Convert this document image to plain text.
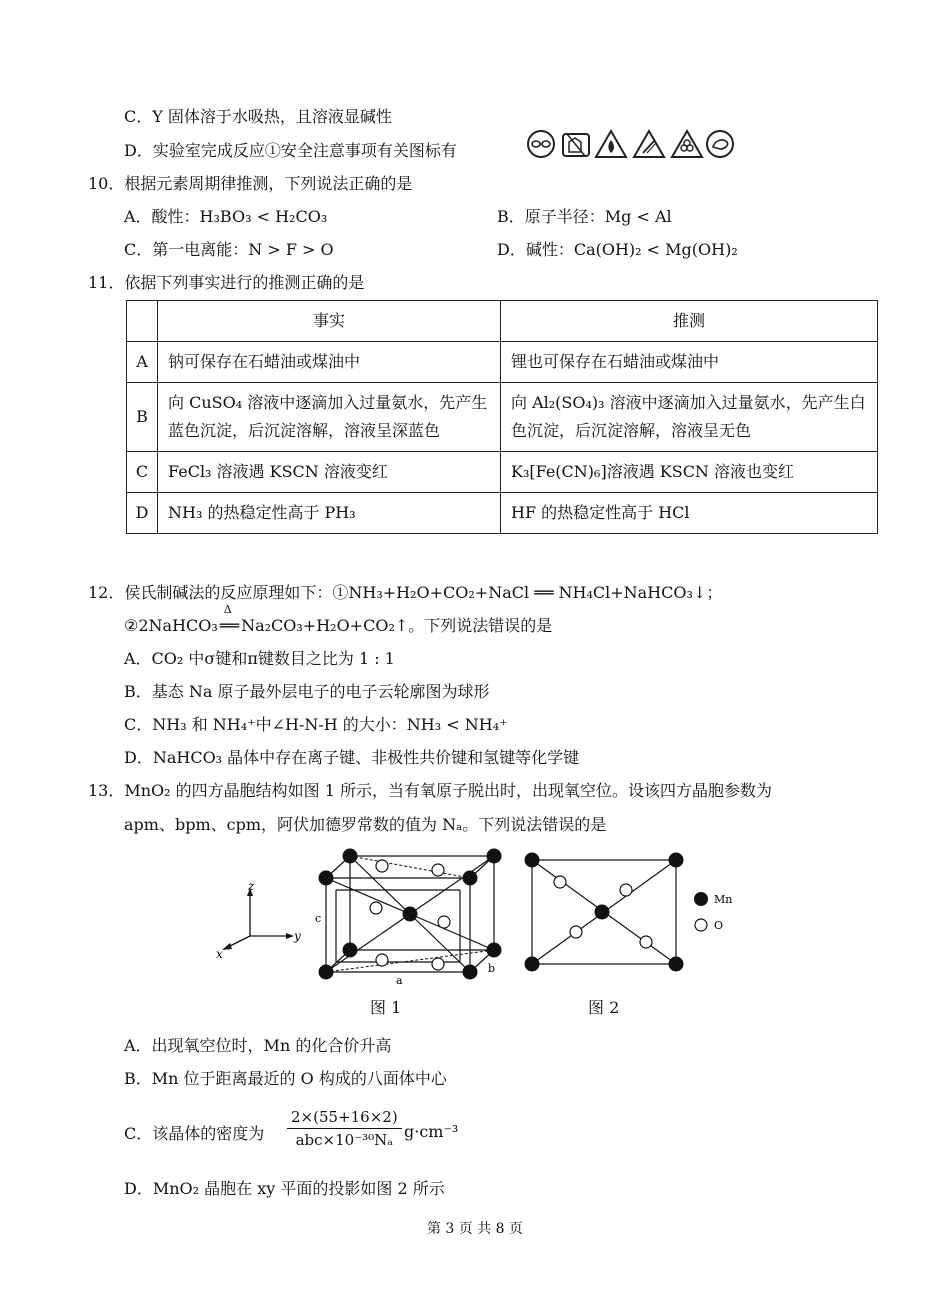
C．Y 固体溶于水吸热，且溶液显碱性
D．实验室完成反应①安全注意事项有关图标有
10．根据元素周期律推测，下列说法正确的是
A．酸性：H₃BO₃ < H₂CO₃	B．原子半径：Mg < Al
C．第一电离能：N > F > O	D．碱性：Ca(OH)₂ < Mg(OH)₂
11．依据下列事实进行的推测正确的是
	事实	推测
A	钠可保存在石蜡油或煤油中	锂也可保存在石蜡油或煤油中
B	向 CuSO₄ 溶液中逐滴加入过量氨水，先产生蓝色沉淀，后沉淀溶解，溶液呈深蓝色	向 Al₂(SO₄)₃ 溶液中逐滴加入过量氨水，先产生白色沉淀，后沉淀溶解，溶液呈无色
C	FeCl₃ 溶液遇 KSCN 溶液变红	K₃[Fe(CN)₆]溶液遇 KSCN 溶液也变红
D	NH₃ 的热稳定性高于 PH₃	HF 的热稳定性高于 HCl
12．侯氏制碱法的反应原理如下：①NH₃+H₂O+CO₂+NaCl ══ NH₄Cl+NaHCO₃↓；
②2NaHCO₃
Δ
══ Na₂CO₃+H₂O+CO₂↑。下列说法错误的是
A．CO₂ 中σ键和π键数目之比为 1 : 1
B．基态 Na 原子最外层电子的电子云轮廓图为球形
C．NH₃ 和 NH₄⁺中∠H-N-H 的大小：NH₃ < NH₄⁺
D．NaHCO₃ 晶体中存在离子键、非极性共价键和氢键等化学键
13．MnO₂ 的四方晶胞结构如图 1 所示，当有氧原子脱出时，出现氧空位。设该四方晶胞参数为
apm、bpm、cpm，阿伏加德罗常数的值为 Nₐ。下列说法错误的是
z
y
x
c
a
b
Mn
O
图 1	图 2
A．出现氧空位时，Mn 的化合价升高
B．Mn 位于距离最近的 O 构成的八面体中心
C．该晶体的密度为
2×(55+16×2)
abc×10⁻³⁰Nₐ g·cm⁻³
D．MnO₂ 晶胞在 xy 平面的投影如图 2 所示
第 3 页 共 8 页
